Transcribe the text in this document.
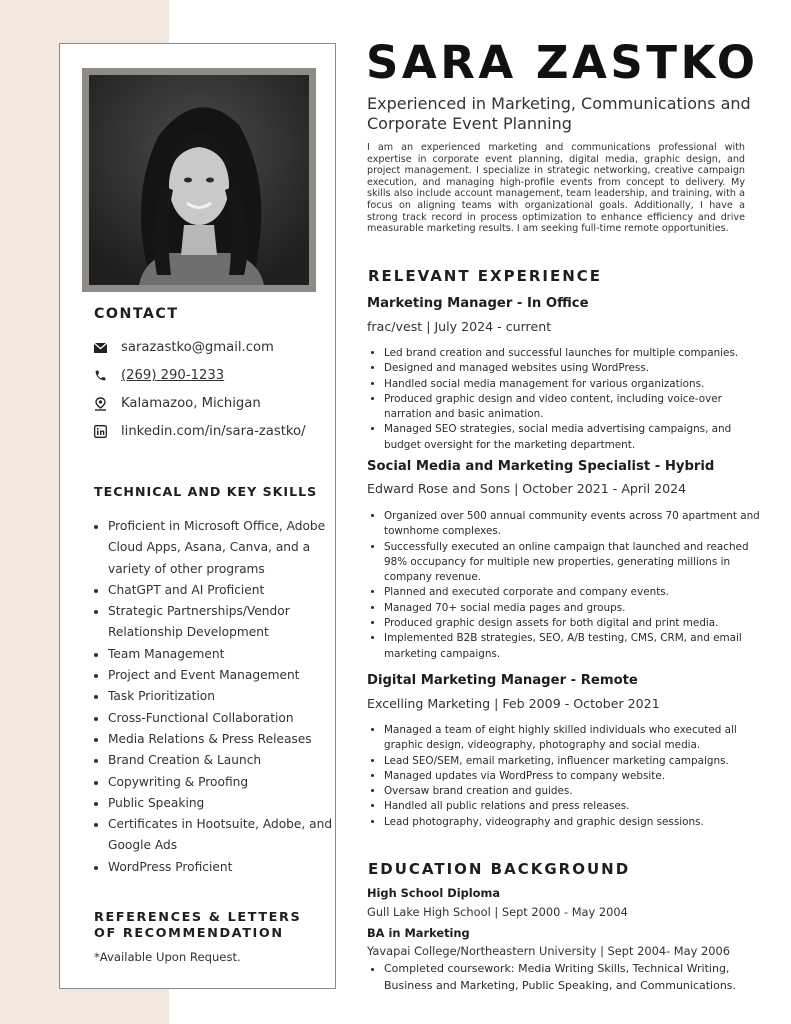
CONTACT
sarazastko@gmail.com
(269) 290-1233
Kalamazoo, Michigan
linkedin.com/in/sara-zastko/
TECHNICAL AND KEY SKILLS
• Proficient in Microsoft Office, Adobe Cloud Apps, Asana, Canva, and a variety of other programs
• ChatGPT and AI Proficient
• Strategic Partnerships/Vendor Relationship Development
• Team Management
• Project and Event Management
• Task Prioritization
• Cross-Functional Collaboration
• Media Relations & Press Releases
• Brand Creation & Launch
• Copywriting & Proofing
• Public Speaking
• Certificates in Hootsuite, Adobe, and Google Ads
• WordPress Proficient
REFERENCES & LETTERS
OF RECOMMENDATION
*Available Upon Request.
SARA ZASTKO
Experienced in Marketing, Communications and Corporate Event Planning

I am an experienced marketing and communications professional with expertise in corporate event planning, digital media, graphic design, and project management. I specialize in strategic networking, creative campaign execution, and managing high-profile events from concept to delivery. My skills also include account management, team leadership, and training, with a focus on aligning teams with organizational goals. Additionally, I have a strong track record in process optimization to enhance efficiency and drive measurable marketing results. I am seeking full-time remote opportunities.

RELEVANT EXPERIENCE
Marketing Manager - In Office
frac/vest | July 2024 - current
• Led brand creation and successful launches for multiple companies.
• Designed and managed websites using WordPress.
• Handled social media management for various organizations.
• Produced graphic design and video content, including voice-over narration and basic animation.
• Managed SEO strategies, social media advertising campaigns, and budget oversight for the marketing department.
Social Media and Marketing Specialist - Hybrid
Edward Rose and Sons | October 2021 - April 2024
• Organized over 500 annual community events across 70 apartment and townhome complexes.
• Successfully executed an online campaign that launched and reached 98% occupancy for multiple new properties, generating millions in company revenue.
• Planned and executed corporate and company events.
• Managed 70+ social media pages and groups.
• Produced graphic design assets for both digital and print media.
• Implemented B2B strategies, SEO, A/B testing, CMS, CRM, and email marketing campaigns.
Digital Marketing Manager - Remote
Excelling Marketing | Feb 2009 - October 2021
• Managed a team of eight highly skilled individuals who executed all graphic design, videography, photography and social media.
• Lead SEO/SEM, email marketing, influencer marketing campaigns.
• Managed updates via WordPress to company website.
• Oversaw brand creation and guides.
• Handled all public relations and press releases.
• Lead photography, videography and graphic design sessions.
EDUCATION BACKGROUND
High School Diploma
Gull Lake High School | Sept 2000 - May 2004
BA in Marketing
Yavapai College/Northeastern University | Sept 2004- May 2006
• Completed coursework: Media Writing Skills, Technical Writing, Business and Marketing, Public Speaking, and Communications.
